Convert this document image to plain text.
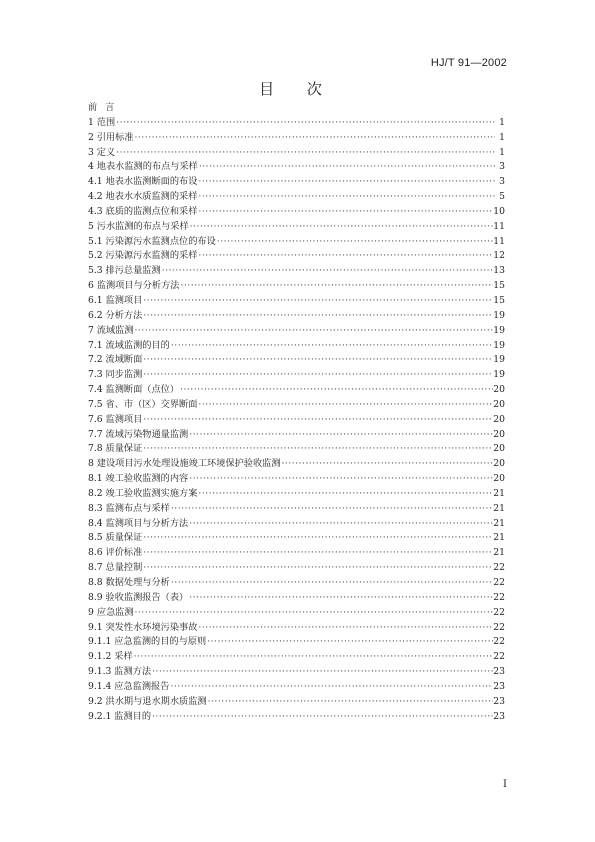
HJ/T 91—2002
目 次
前言
1 范围 ·····	1
2 引用标准 ·····	1
3 定义 ·····	1
4 地表水监测的布点与采样 ·····	3
4.1 地表水监测断面的布设 ·····	3
4.2 地表水水质监测的采样 ·····	5
4.3 底质的监测点位和采样 ·····	10
5 污水监测的布点与采样 ·····	11
5.1 污染源污水监测点位的布设 ·····	11
5.2 污染源污水监测的采样 ·····	12
5.3 排污总量监测 ·····	13
6 监测项目与分析方法 ·····	15
6.1 监测项目 ·····	15
6.2 分析方法 ·····	19
7 流域监测 ·····	19
7.1 流域监测的目的 ·····	19
7.2 流域断面 ·····	19
7.3 同步监测 ·····	19
7.4 监测断面（点位） ·····	20
7.5 省、市（区）交界断面 ·····	20
7.6 监测项目 ·····	20
7.7 流域污染物通量监测 ·····	20
7.8 质量保证 ·····	20
8 建设项目污水处理设施竣工环境保护验收监测 ·····	20
8.1 竣工验收监测的内容 ·····	20
8.2 竣工验收监测实施方案 ·····	21
8.3 监测布点与采样 ·····	21
8.4 监测项目与分析方法 ·····	21
8.5 质量保证 ·····	21
8.6 评价标准 ·····	21
8.7 总量控制 ·····	22
8.8 数据处理与分析 ·····	22
8.9 验收监测报告（表） ·····	22
9 应急监测 ·····	22
9.1 突发性水环境污染事故 ·····	22
9.1.1 应急监测的目的与原则 ·····	22
9.1.2 采样 ·····	22
9.1.3 监测方法 ·····	23
9.1.4 应急监测报告 ·····	23
9.2 洪水期与退水期水质监测 ·····	23
9.2.1 监测目的 ·····	23
I
